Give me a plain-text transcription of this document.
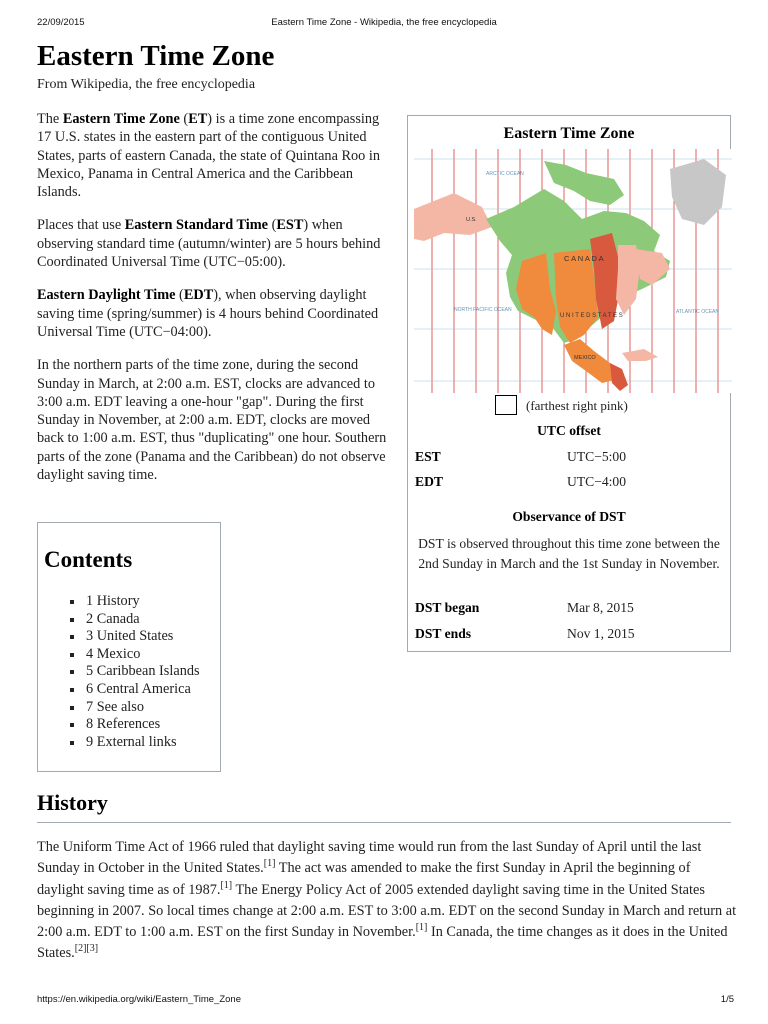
22/09/2015	Eastern Time Zone - Wikipedia, the free encyclopedia
Eastern Time Zone
From Wikipedia, the free encyclopedia

The Eastern Time Zone (ET) is a time zone encompassing 17 U.S. states in the eastern part of the contiguous United States, parts of eastern Canada, the state of Quintana Roo in Mexico, Panama in Central America and the Caribbean Islands.

Places that use Eastern Standard Time (EST) when observing standard time (autumn/winter) are 5 hours behind Coordinated Universal Time (UTC−05:00).

Eastern Daylight Time (EDT), when observing daylight saving time (spring/summer) is 4 hours behind Coordinated Universal Time (UTC−04:00).

In the northern parts of the time zone, during the second Sunday in March, at 2:00 a.m. EST, clocks are advanced to 3:00 a.m. EDT leaving a one-hour "gap". During the first Sunday in November, at 2:00 a.m. EDT, clocks are moved back to 1:00 a.m. EST, thus "duplicating" one hour. Southern parts of the zone (Panama and the Caribbean) do not observe daylight saving time.

Contents
1 History
2 Canada
3 United States
4 Mexico
5 Caribbean Islands
6 Central America
7 See also
8 References
9 External links
Eastern Time Zone
C A N A D A
U N I T E D S T A T E S
MEXICO
U.S.
ARCTIC OCEAN
NORTH PACIFIC OCEAN	ATLANTIC OCEAN
(farthest right pink)
UTC offset
EST	UTC−5:00
EDT	UTC−4:00
Observance of DST
DST is observed throughout this time zone between the 2nd Sunday in March and the 1st Sunday in November.
DST began	Mar 8, 2015
DST ends	Nov 1, 2015
History

The Uniform Time Act of 1966 ruled that daylight saving time would run from the last Sunday of April until the last Sunday in October in the United States.[1] The act was amended to make the first Sunday in April the beginning of daylight saving time as of 1987.[1] The Energy Policy Act of 2005 extended daylight saving time in the United States beginning in 2007. So local times change at 2:00 a.m. EST to 3:00 a.m. EDT on the second Sunday in March and return at 2:00 a.m. EDT to 1:00 a.m. EST on the first Sunday in November.[1] In Canada, the time changes as it does in the United States.[2][3]

https://en.wikipedia.org/wiki/Eastern_Time_Zone	1/5
